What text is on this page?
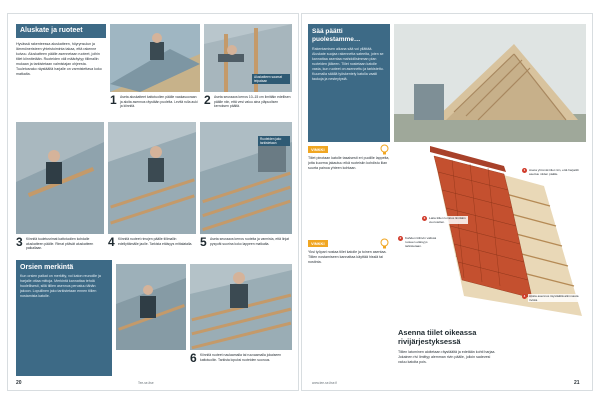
Aluskate ja ruoteet
Hyvässä rakenteessa aluskatteen, höyrynsulun ja lämmöneristeen yhteistoiminta takaa, että rakenne kuivuu. Aluskatteen päälle asennetaan ruoteet, joihin tiilet kiinnitetään. Ruoteiden väli määräytyy tiilimallin mukaan ja tarkistetaan valmistajan ohjeesta. Tuuletusrako räystäältä harjalle on varmistettava koko matkalta.
Aluskatteen saumat teipataan
1 Aseta aluskatteet kattotuolien päälle vaakasuoraan ja aloita asennus räystään puolelta. Levitä rulla auki ja kiinnitä.	2 Aseta seuraava kerros 10–15 cm limittäin edellisen päälle niin, että vesi valuu aina yläpuolisen kerroksen päältä.
Ruoteiden jako tarkistetaan
3 Kiinnitä tuuletusrimat kattotuolien kohdalle aluskatteen päälle. Rimat pitävät aluskatteen paikallaan.	4 Kiinnitä ruoteet rimojen päälle tiilimallin edellyttämälle jaolle. Tarkista etäisyys mittalatalla. 5 Aseta seuraava kerros ruoteita ja varmista, että linjat pysyvät suorina koko lappeen matkalta.
Orsien merkintä
Kun orsien paikat on merkitty, voi katon reunoille ja harjalle ottaa mittoja. Merkintä kannattaa tehdä huolellisesti, sillä tiilien asennus perustuu tähän jakoon. Lopullinen jako tarkistetaan ennen tiilien nostamista katolle.
6 Kiinnitä ruoteet naulaamalla tai ruuvaamalla jokaiseen kattotuoliin. Tarkista lopuksi ruoteiden suoruus.
20	Tee-se-itse
Sää päätti puolestamme…
Rakentamisen aikana sää voi yllättää. Aluskate suojaa rakennetta sateelta, joten se kannattaa asentaa mahdollisimman pian ruoteiden jälkeen. Tiilet nostetaan katolle vasta, kun ruoteet on asennettu ja tarkistettu. Kuumalla säällä työskentely katolla vaatii taukoja ja nesteytystä.
VINKKI
Tiilet pinotaan katolle tasaisesti eri puolille lappeita, jotta kuorma jakautuu eikä ruoteisiin kohdistu liian suurta painoa yhteen kohtaan.
VINKKI
Yksi työpari nostaa tiilet katolle ja toinen asentaa. Tiilien nostamiseen kannattaa käyttää hissiä tai nostinta.
1	Aseta ylimmät tiilet niin, että harjatiili asettuu niiden päälle.
2	Kahden tiilirivin välissä ruoteen etäisyys tarkistetaan.
3	Laita tiilien lomitus limittäin vuorotellen.
4	Aloita asennus räystäältä alimmasta rivistä.
Asenna tiilet oikeassa rivijärjestyksessä
Tiilien latominen aloitetaan räystäältä ja edetään kohti harjaa. Jokainen rivi limittyy alemman rivin päälle, jolloin sadevesi valuu katolta pois.
www.tee-se-itse.fi	21
